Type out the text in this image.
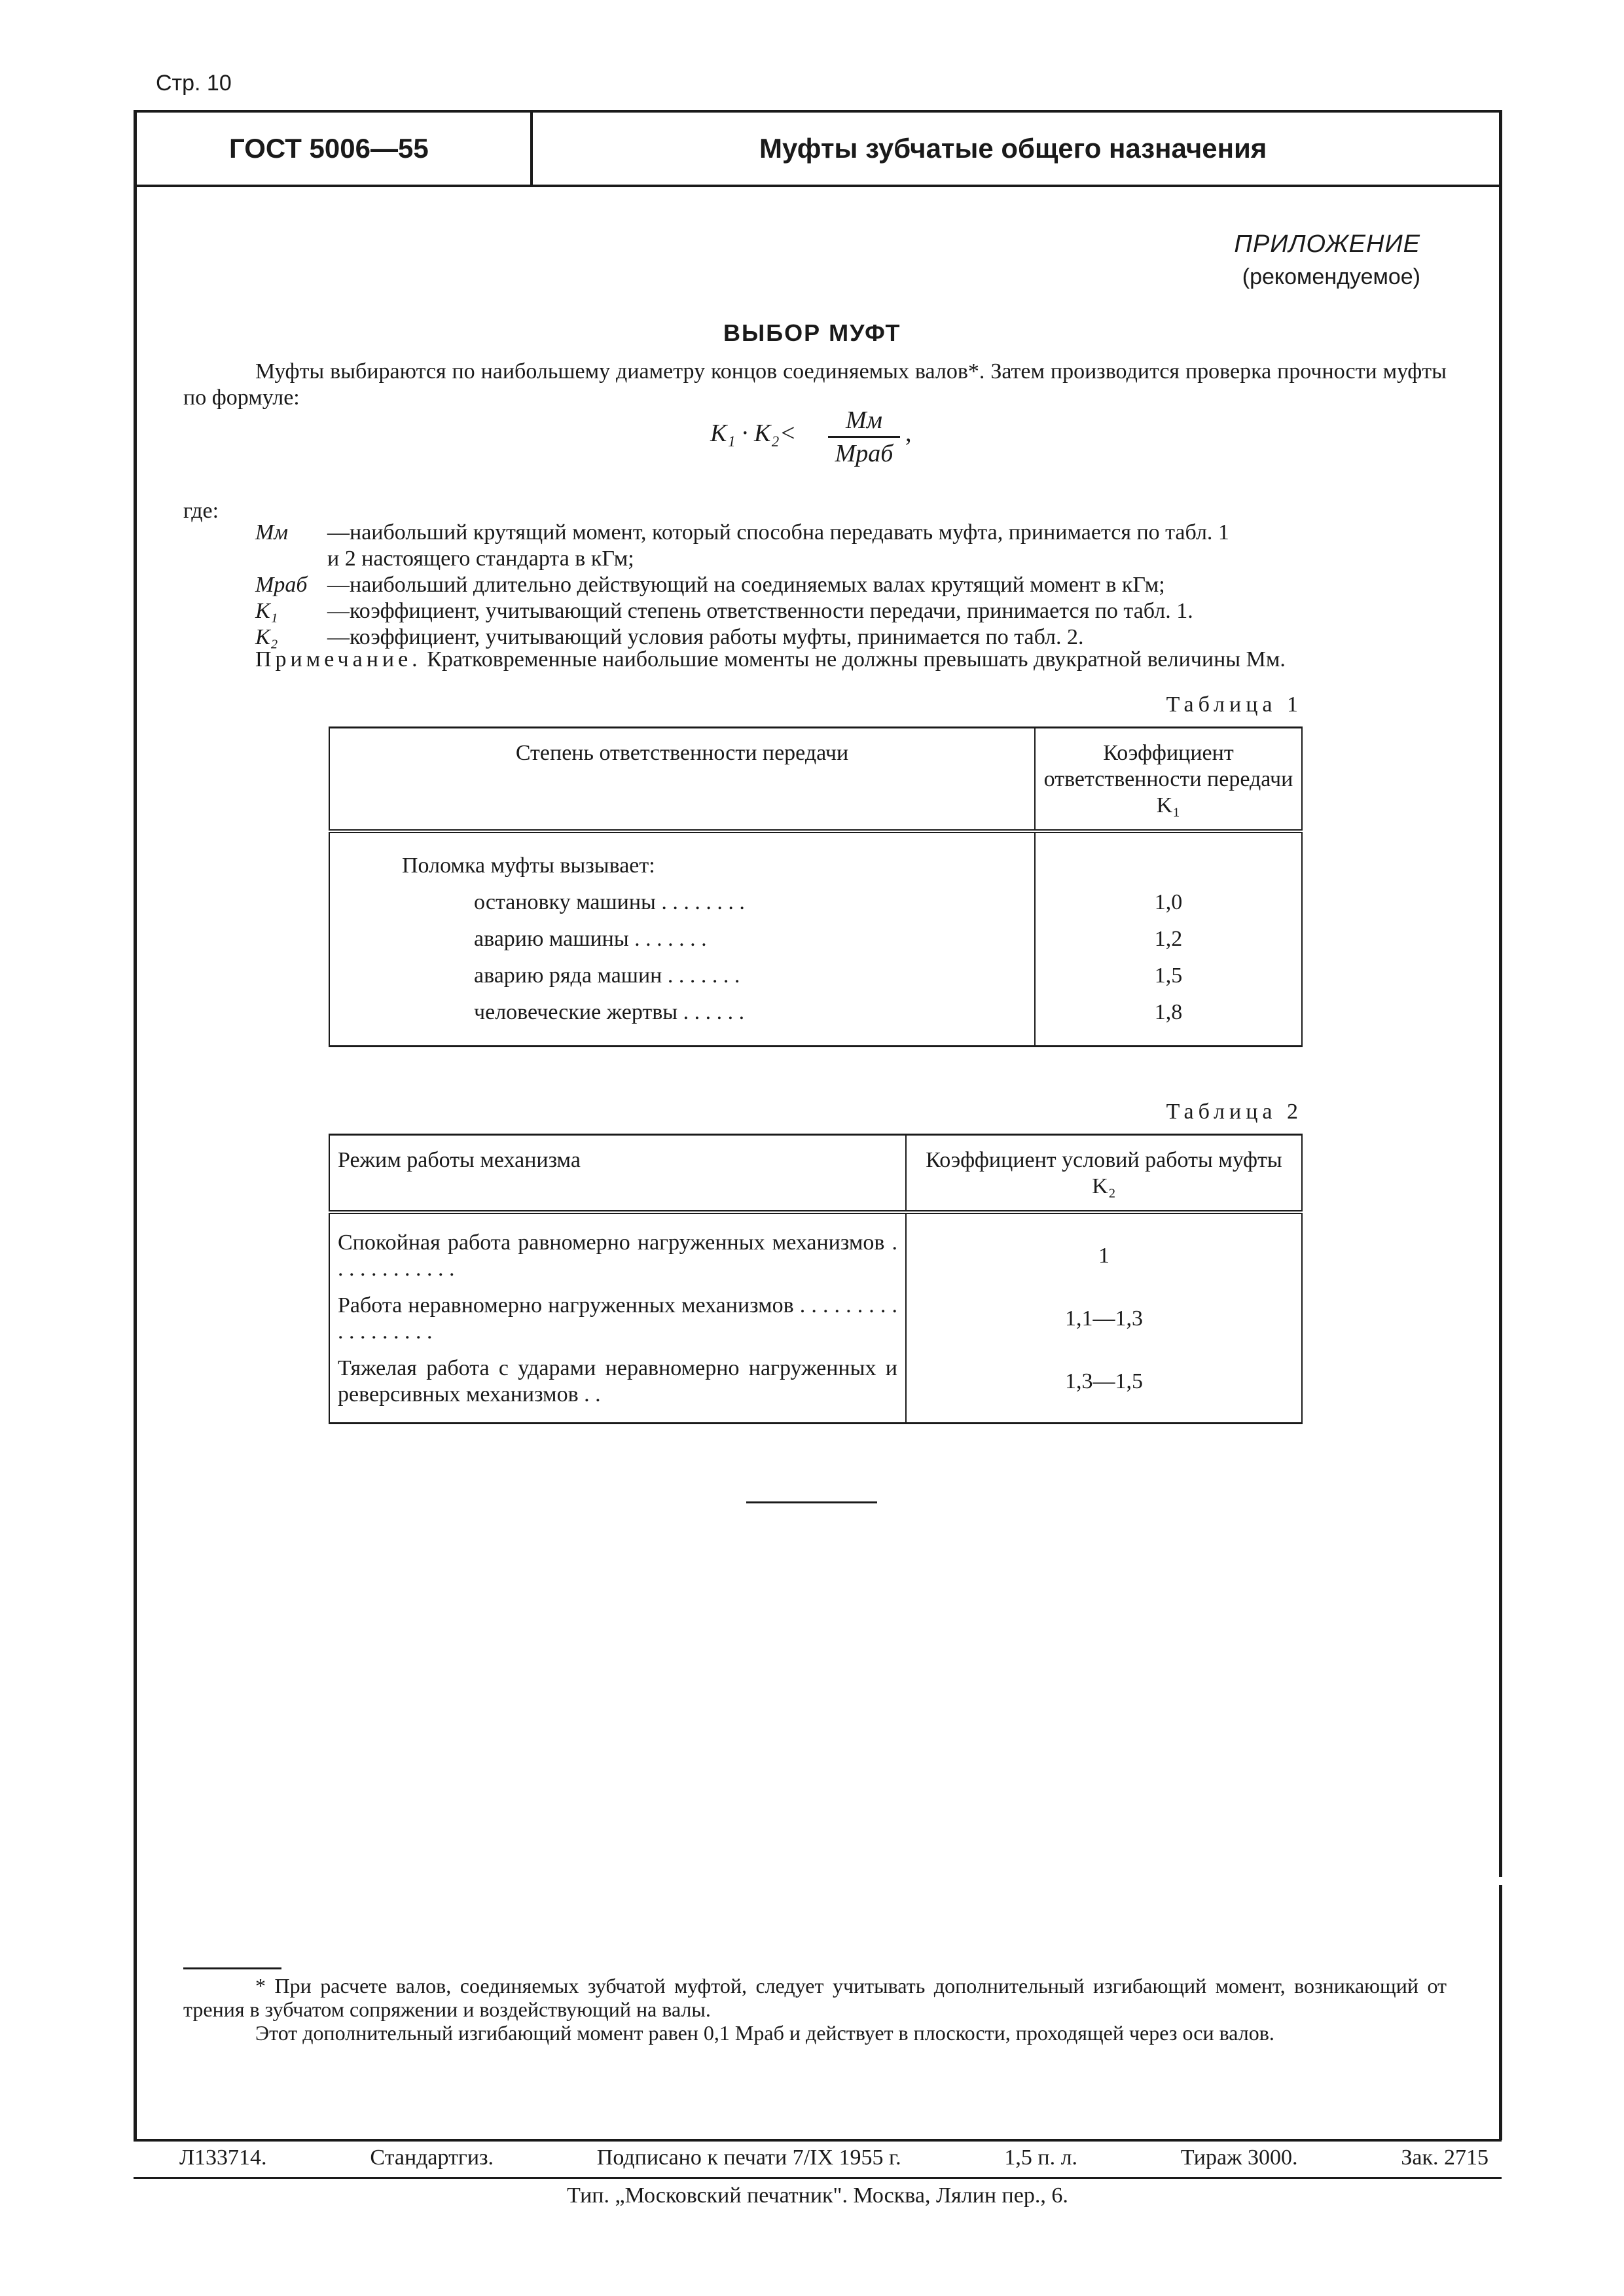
Стр. 10
ГОСТ 5006—55	Муфты зубчатые общего назначения
ПРИЛОЖЕНИЕ
(рекомендуемое)
ВЫБОР МУФТ
Муфты выбираются по наибольшему диаметру концов соединяемых валов*. Затем производится проверка прочности муфты по формуле:
K₁ · K₂<	Mм
Mраб
,
где:
Mм —наибольший крутящий момент, который способна передавать муфта, принимается по табл. 1
и 2 настоящего стандарта в кГм;
Mраб —наибольший длительно действующий на соединяемых валах крутящий момент в кГм;
K₁ —коэффициент, учитывающий степень ответственности передачи, принимается по табл. 1.
K₂ —коэффициент, учитывающий условия работы муфты, принимается по табл. 2.
Примечание. Кратковременные наибольшие моменты не должны превышать двукратной величины Мм.
Таблица 1
Степень ответственности передачи	Коэффициент ответственности передачи K₁

Поломка муфты вызывает:	
остановку машины . . . . . . . .	1,0
аварию машины . . . . . . .	1,2
аварию ряда машин . . . . . . .	1,5
человеческие жертвы . . . . . .	1,8

Таблица 2
Режим работы механизма	Коэффициент условий работы муфты K₂
Спокойная работа равномерно нагруженных механизмов . . . . . . . . . . . .	1
Работа неравномерно нагруженных механизмов . . . . . . . . . . . . . . . . . .	1,1—1,3
Тяжелая работа с ударами неравномерно нагруженных и реверсивных механизмов . .	1,3—1,5
* При расчете валов, соединяемых зубчатой муфтой, следует учитывать дополнительный изгибающий момент, возникающий от трения в зубчатом сопряжении и воздействующий на валы.
Этот дополнительный изгибающий момент равен 0,1 Mраб и действует в плоскости, проходящей через оси валов.
Л133714.	Стандартгиз.	Подписано к печати 7/IX 1955 г.	1,5 п. л.	Тираж 3000.	Зак. 2715
Тип. „Московский печатник". Москва, Лялин пер., 6.
